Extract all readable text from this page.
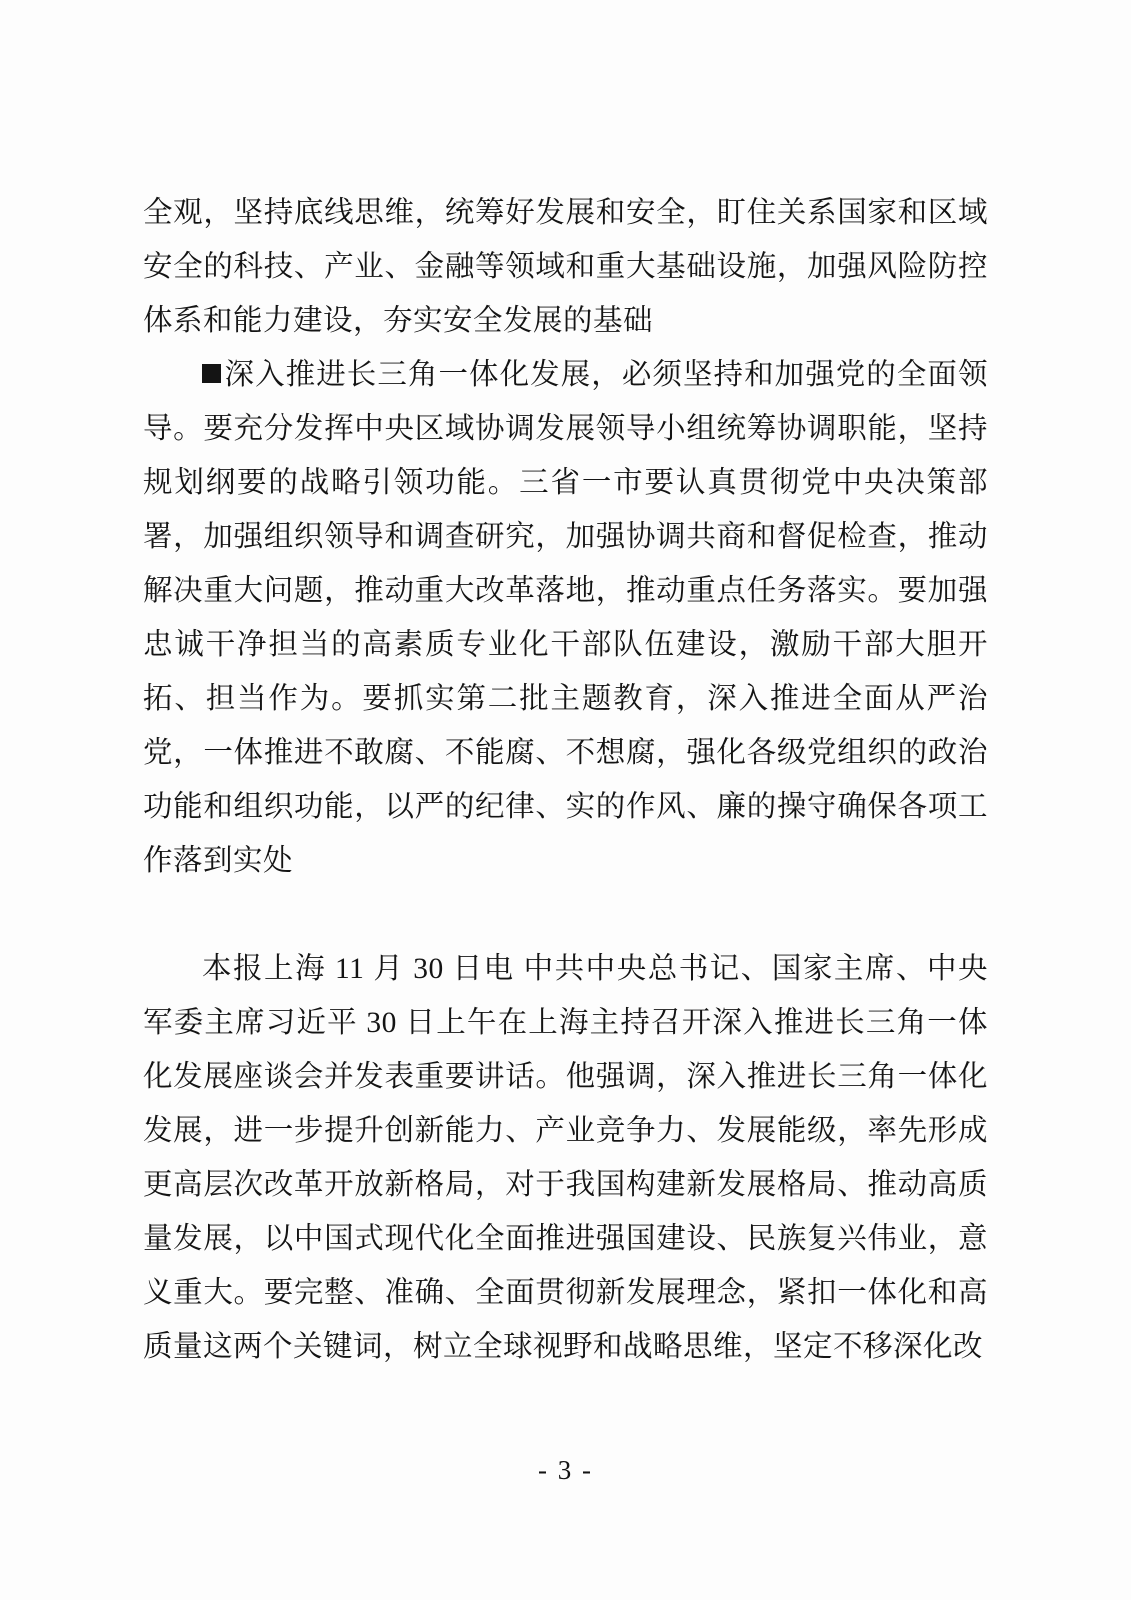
全观，坚持底线思维，统筹好发展和安全，盯住关系国家和区域安全的科技、产业、金融等领域和重大基础设施，加强风险防控体系和能力建设，夯实安全发展的基础

深入推进长三角一体化发展，必须坚持和加强党的全面领导。要充分发挥中央区域协调发展领导小组统筹协调职能，坚持规划纲要的战略引领功能。三省一市要认真贯彻党中央决策部署，加强组织领导和调查研究，加强协调共商和督促检查，推动解决重大问题，推动重大改革落地，推动重点任务落实。要加强忠诚干净担当的高素质专业化干部队伍建设，激励干部大胆开拓、担当作为。要抓实第二批主题教育，深入推进全面从严治党，一体推进不敢腐、不能腐、不想腐，强化各级党组织的政治功能和组织功能，以严的纪律、实的作风、廉的操守确保各项工作落到实处

本报上海 11 月 30 日电 中共中央总书记、国家主席、中央军委主席习近平 30 日上午在上海主持召开深入推进长三角一体化发展座谈会并发表重要讲话。他强调，深入推进长三角一体化发展，进一步提升创新能力、产业竞争力、发展能级，率先形成更高层次改革开放新格局，对于我国构建新发展格局、推动高质量发展，以中国式现代化全面推进强国建设、民族复兴伟业，意义重大。要完整、准确、全面贯彻新发展理念，紧扣一体化和高质量这两个关键词，树立全球视野和战略思维，坚定不移深化改

- 3 -
